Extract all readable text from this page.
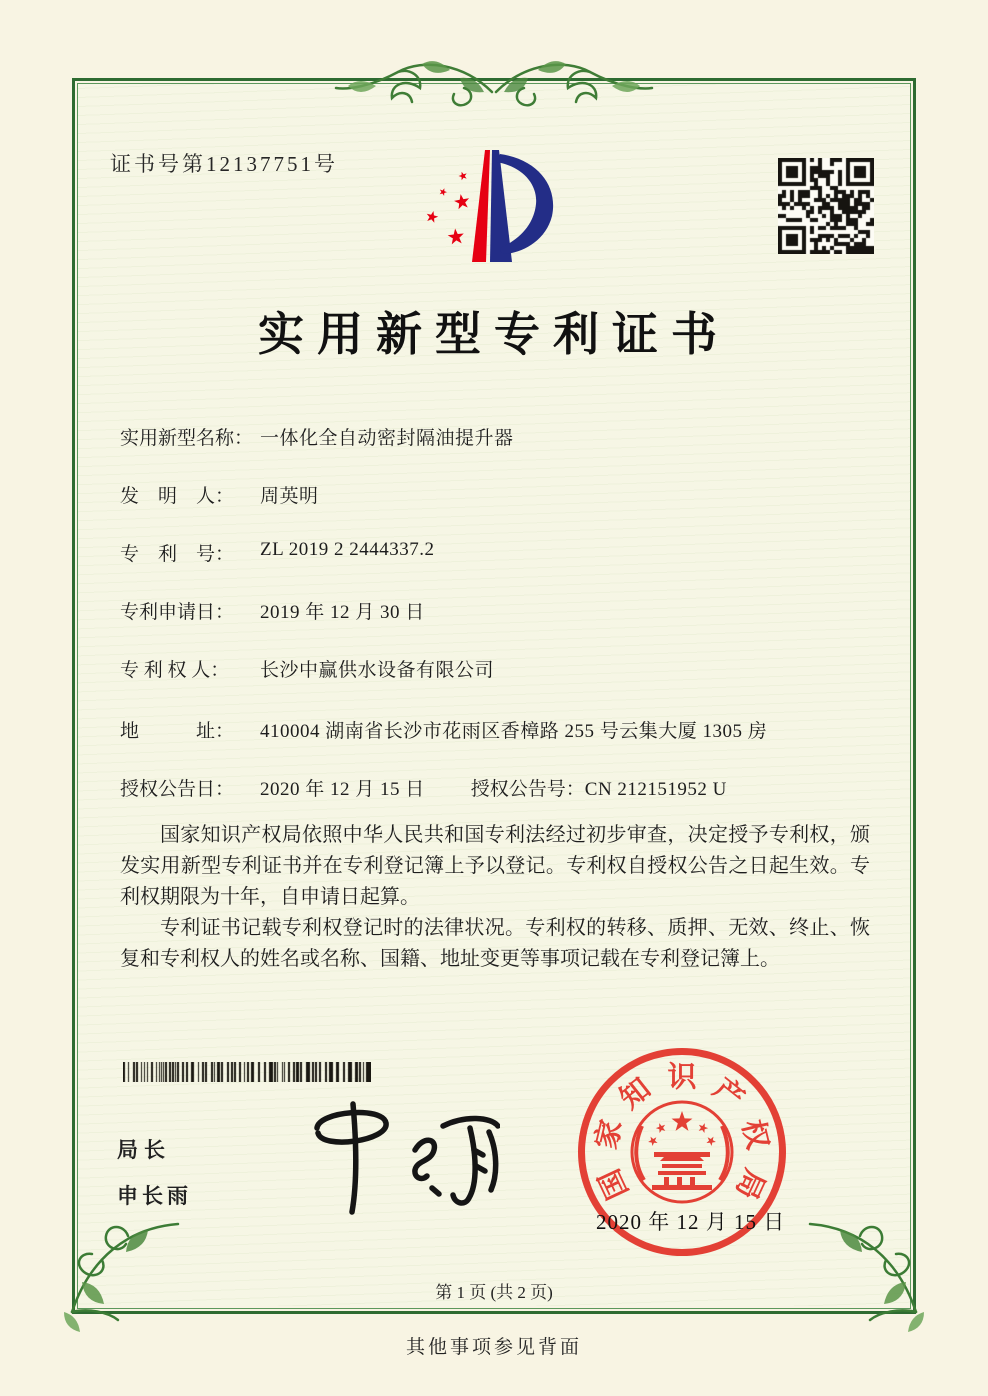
证书号第12137751号
实用新型专利证书
实用新型名称： 一体化全自动密封隔油提升器
发　明　人： 周英明
专　利　号： ZL 2019 2 2444337.2
专利申请日： 2019 年 12 月 30 日
专 利 权 人： 长沙中赢供水设备有限公司
地　　　址： 410004 湖南省长沙市花雨区香樟路 255 号云集大厦 1305 房
授权公告日： 2020 年 12 月 15 日 授权公告号：CN 212151952 U

国家知识产权局依照中华人民共和国专利法经过初步审查，决定授予专利权，颁发实用新型专利证书并在专利登记簿上予以登记。专利权自授权公告之日起生效。专利权期限为十年，自申请日起算。

专利证书记载专利权登记时的法律状况。专利权的转移、质押、无效、终止、恢复和专利权人的姓名或名称、国籍、地址变更等事项记载在专利登记簿上。

局长
申长雨	国
家
知 识 产
权
局
2020 年 12 月 15 日
第 1 页 (共 2 页)
其他事项参见背面
